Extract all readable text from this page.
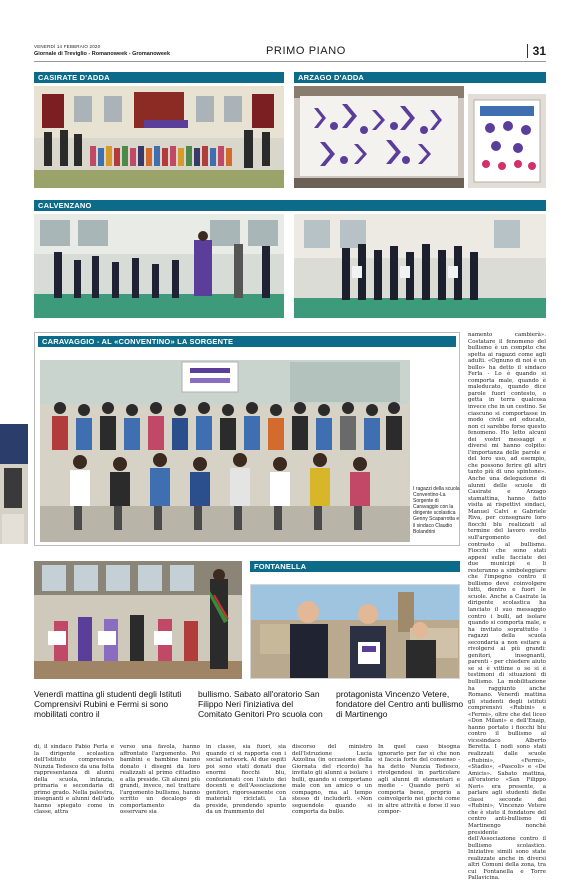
VENERDÌ 14 FEBBRAIO 2020
Giornale di Treviglio - Romanoweek - Gromanoweek	PRIMO PIANO	31
CASIRATE D'ADDA	ARZAGO D'ADDA
CALVENZANO
CARAVAGGIO - AL «CONVENTINO» LA SORGENTE
I ragazzi della scuola Conventino-La Sorgente di Caravaggio con la dirigente scolastica Genny Scaparrotta e il sindaco Claudio Bolandrini
FONTANELLA
Venerdì mattina gli studenti degli Istituti Comprensivi Rubini e Fermi si sono mobilitati contro il
bullismo. Sabato all'oratorio San Filippo Neri l'iniziativa del Comitato Genitori Pro scuola con
protagonista Vincenzo Vetere, fondatore del Centro anti bullismo di Martinengo
namento cambierà». Costatare il fenomeno del bullismo è un compito che spetta ai ragazzi come agli adulti. «Ognuno di noi è un bullo» ha detto il sindaco Ferla - Lo è quando si comporta male, quando è maleducato, quando dice parole fuori contesto, o getta in terra qualcosa invece che in un cestino. Se ciascuno si comportasse in modo civile ed educato, non ci sarebbe forse questo fenomeno. Ho letto alcuni dei vostri messaggi e diversi mi hanno colpito: l'importanza delle parole e del loro uso, ad esempio, che possono ferire gli altri tanto più di uno spintone». Anche una delegazione di alunni delle scuole di Casirate e Arzago stamattina, hanno fatto visita ai rispettivi sindaci, Manuel Calvi e Gabriele Riva, per consegnare loro fiocchi blu realizzati al termine del lavoro svolto sull'argomento del contrasto al bullismo. Fiocchi che sono stati appesi sulle facciate dei due municipi e li resteranno a simboleggiare che l'impegno contro il bullismo deve coinvolgere tutti, dentro e fuori le scuole. Anche a Casirate la dirigente scolastica ha lanciato il suo messaggio contro i bulli, ad isolare quando si comporta male, e ha invitato soprattutto i ragazzi della scuola secondaria a non esitare a rivolgersi ai più grandi: genitori, insegnanti, parenti - per chiedere aiuto se si è vittime o se si è testimoni di situazioni di bullismo. La mobilitazione ha raggiunto anche Romano. Venerdì mattina gli studenti degli istituti comprensivi «Rubini» e «Fermi», oltre che del liceo «Don Milani» e dell'Enaip, hanno portato i fiocchi blu contro il bullismo al vicesindaco Alberto Beretta. I nodi sono stati realizzati dalle scuole «Rubini», «Fermi», «Stadio», «Pascoli» e «De Amicis». Sabato mattina, all'oratorio «San Filippo Neri» era presente, a parlare agli studenti delle classi seconde dei «Rubini», Vincenzo Vetere che è stato il fondatore del centro anti-bullismo di Martinengo nonché presidente dell'Associazione contro il bullismo scolastico. Iniziative simili sono state realizzate anche in diversi altri Comuni della zona, tra cui Fontanella e Torre Pallavicina.
di, il sindaco Fabio Ferla e la dirigente scolastica dell'Istituto comprensivo Nunzia Tedesco da una folta rappresentanza di alunni della scuola, infanzia, primaria e secondaria di primo grado. Nella palestra, insegnanti e alunni dell'ado hanno spiegato come in classe, attra
verso una favola, hanno affrontato l'argomento. Poi bambini e bambine hanno donato i disegni da loro realizzati al primo cittadino e alla preside. Gli alunni più grandi, invece, nel trattare l'argomento bullismo, hanno scritto un decalogo di comportamento da osservare sia
in classe, sia fuori, sia quando ci si rapporta con i social network. Al due ospiti poi sono stati donati due enormi fiocchi blu, confezionati con l'aiuto dei docenti e dell'Associazione genitori, rigorosamente con materiali riciclati. La preside, prendendo spunto da un frammento del
discorso del ministro dell'Istruzione Lucia Azzolina (in occasione della Giornata del ricordo) ha invitato gli alunni a isolare i bulli, quando si comportano male con un amico o un compagno, ma al tempo stesso di includerli. «Non seguendole quando si comporta da bullo.
In quel caso bisogna ignorarlo per far sì che non si faccia forte del consenso - ha detto Nunzia Tedesco, rivolgendosi in particolare agli alunni di elementari e medie - Quando però si comporta bene, proprio a coinvolgerlo nei giochi come in altre attività e forse il suo compor-
